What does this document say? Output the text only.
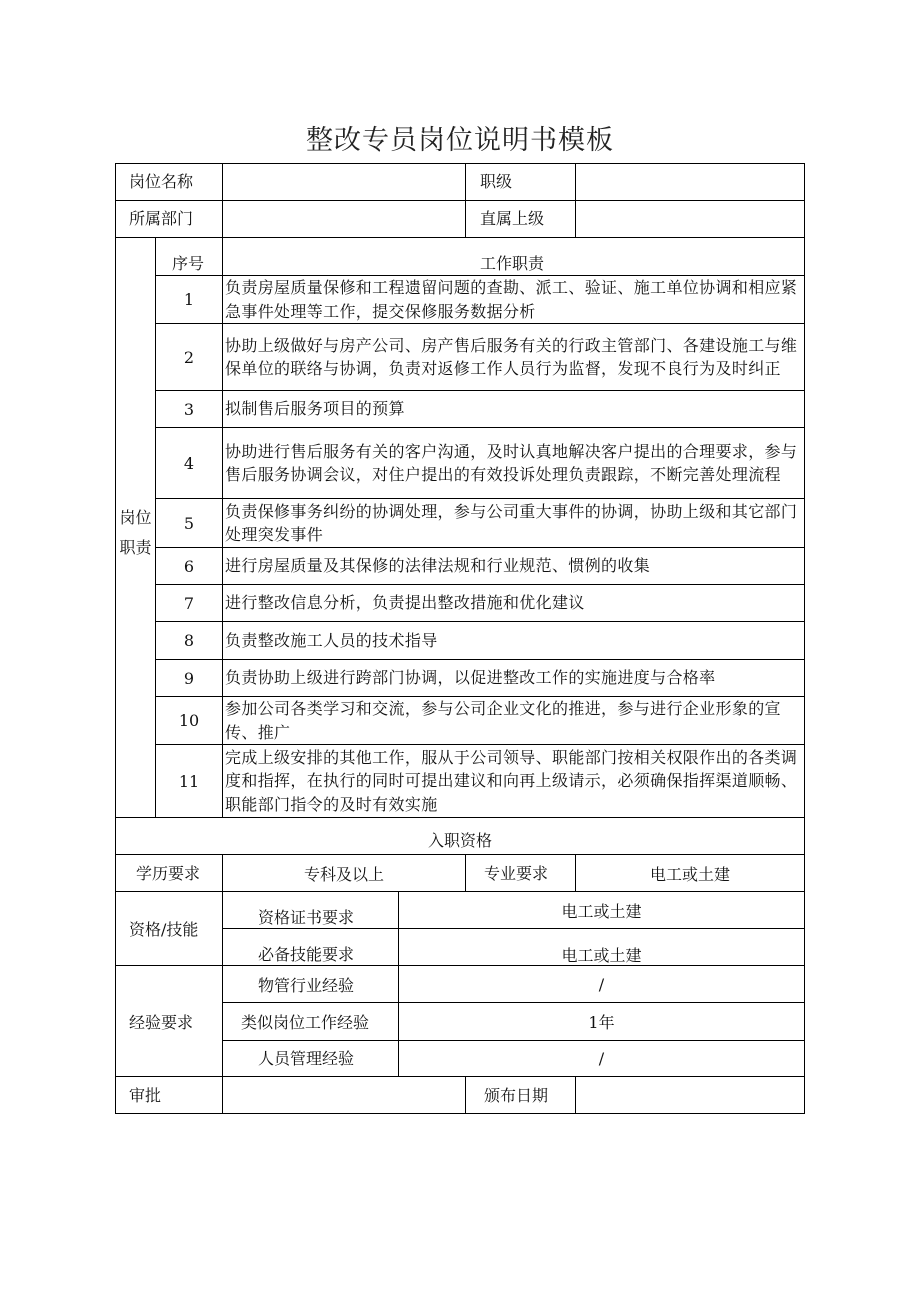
整改专员岗位说明书模板
岗位名称	职级
所属部门	直属上级
岗位职责
序号	工作职责
1
负责房屋质量保修和工程遗留问题的查勘、派工、验证、施工单位协调和相应紧急事件处理等工作，提交保修服务数据分析
2
协助上级做好与房产公司、房产售后服务有关的行政主管部门、各建设施工与维保单位的联络与协调，负责对返修工作人员行为监督，发现不良行为及时纠正
3	拟制售后服务项目的预算
4
协助进行售后服务有关的客户沟通，及时认真地解决客户提出的合理要求，参与售后服务协调会议，对住户提出的有效投诉处理负责跟踪，不断完善处理流程
5
负责保修事务纠纷的协调处理，参与公司重大事件的协调，协助上级和其它部门处理突发事件
6	进行房屋质量及其保修的法律法规和行业规范、惯例的收集
7	进行整改信息分析，负责提出整改措施和优化建议
8	负责整改施工人员的技术指导
9	负责协助上级进行跨部门协调，以促进整改工作的实施进度与合格率
10
参加公司各类学习和交流，参与公司企业文化的推进，参与进行企业形象的宣传、推广
11
完成上级安排的其他工作，服从于公司领导、职能部门按相关权限作出的各类调度和指挥，在执行的同时可提出建议和向再上级请示，必须确保指挥渠道顺畅、职能部门指令的及时有效实施
入职资格
学历要求	专科及以上	专业要求	电工或土建
资格/技能
资格证书要求	电工或土建
必备技能要求	电工或土建
经验要求
物管行业经验	/
类似岗位工作经验	1年
人员管理经验	/
审批	颁布日期
